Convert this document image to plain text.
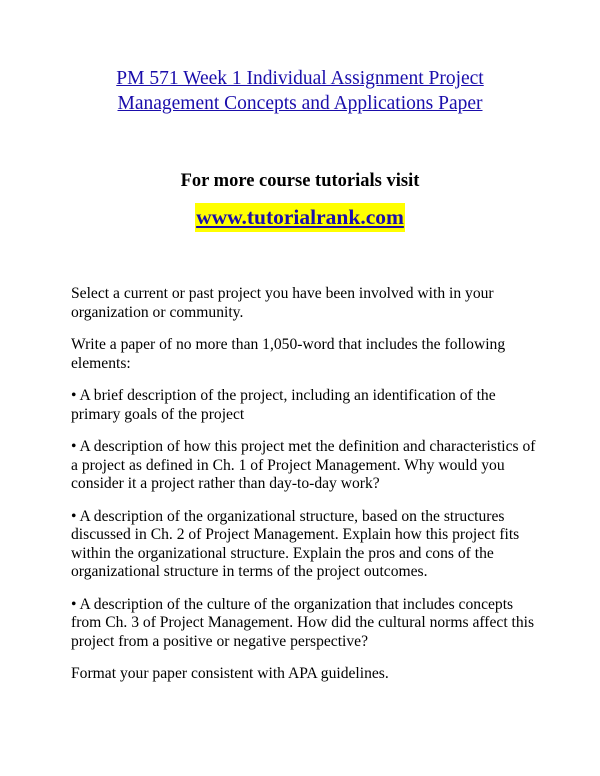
PM 571 Week 1 Individual Assignment Project
Management Concepts and Applications Paper
For more course tutorials visit
www.tutorialrank.com

Select a current or past project you have been involved with in your organization or community.

Write a paper of no more than 1,050-word that includes the following elements:

• A brief description of the project, including an identification of the primary goals of the project

• A description of how this project met the definition and characteristics of a project as defined in Ch. 1 of Project Management. Why would you consider it a project rather than day-to-day work?

• A description of the organizational structure, based on the structures discussed in Ch. 2 of Project Management. Explain how this project fits within the organizational structure. Explain the pros and cons of the organizational structure in terms of the project outcomes.

• A description of the culture of the organization that includes concepts from Ch. 3 of Project Management. How did the cultural norms affect this project from a positive or negative perspective?

Format your paper consistent with APA guidelines.
